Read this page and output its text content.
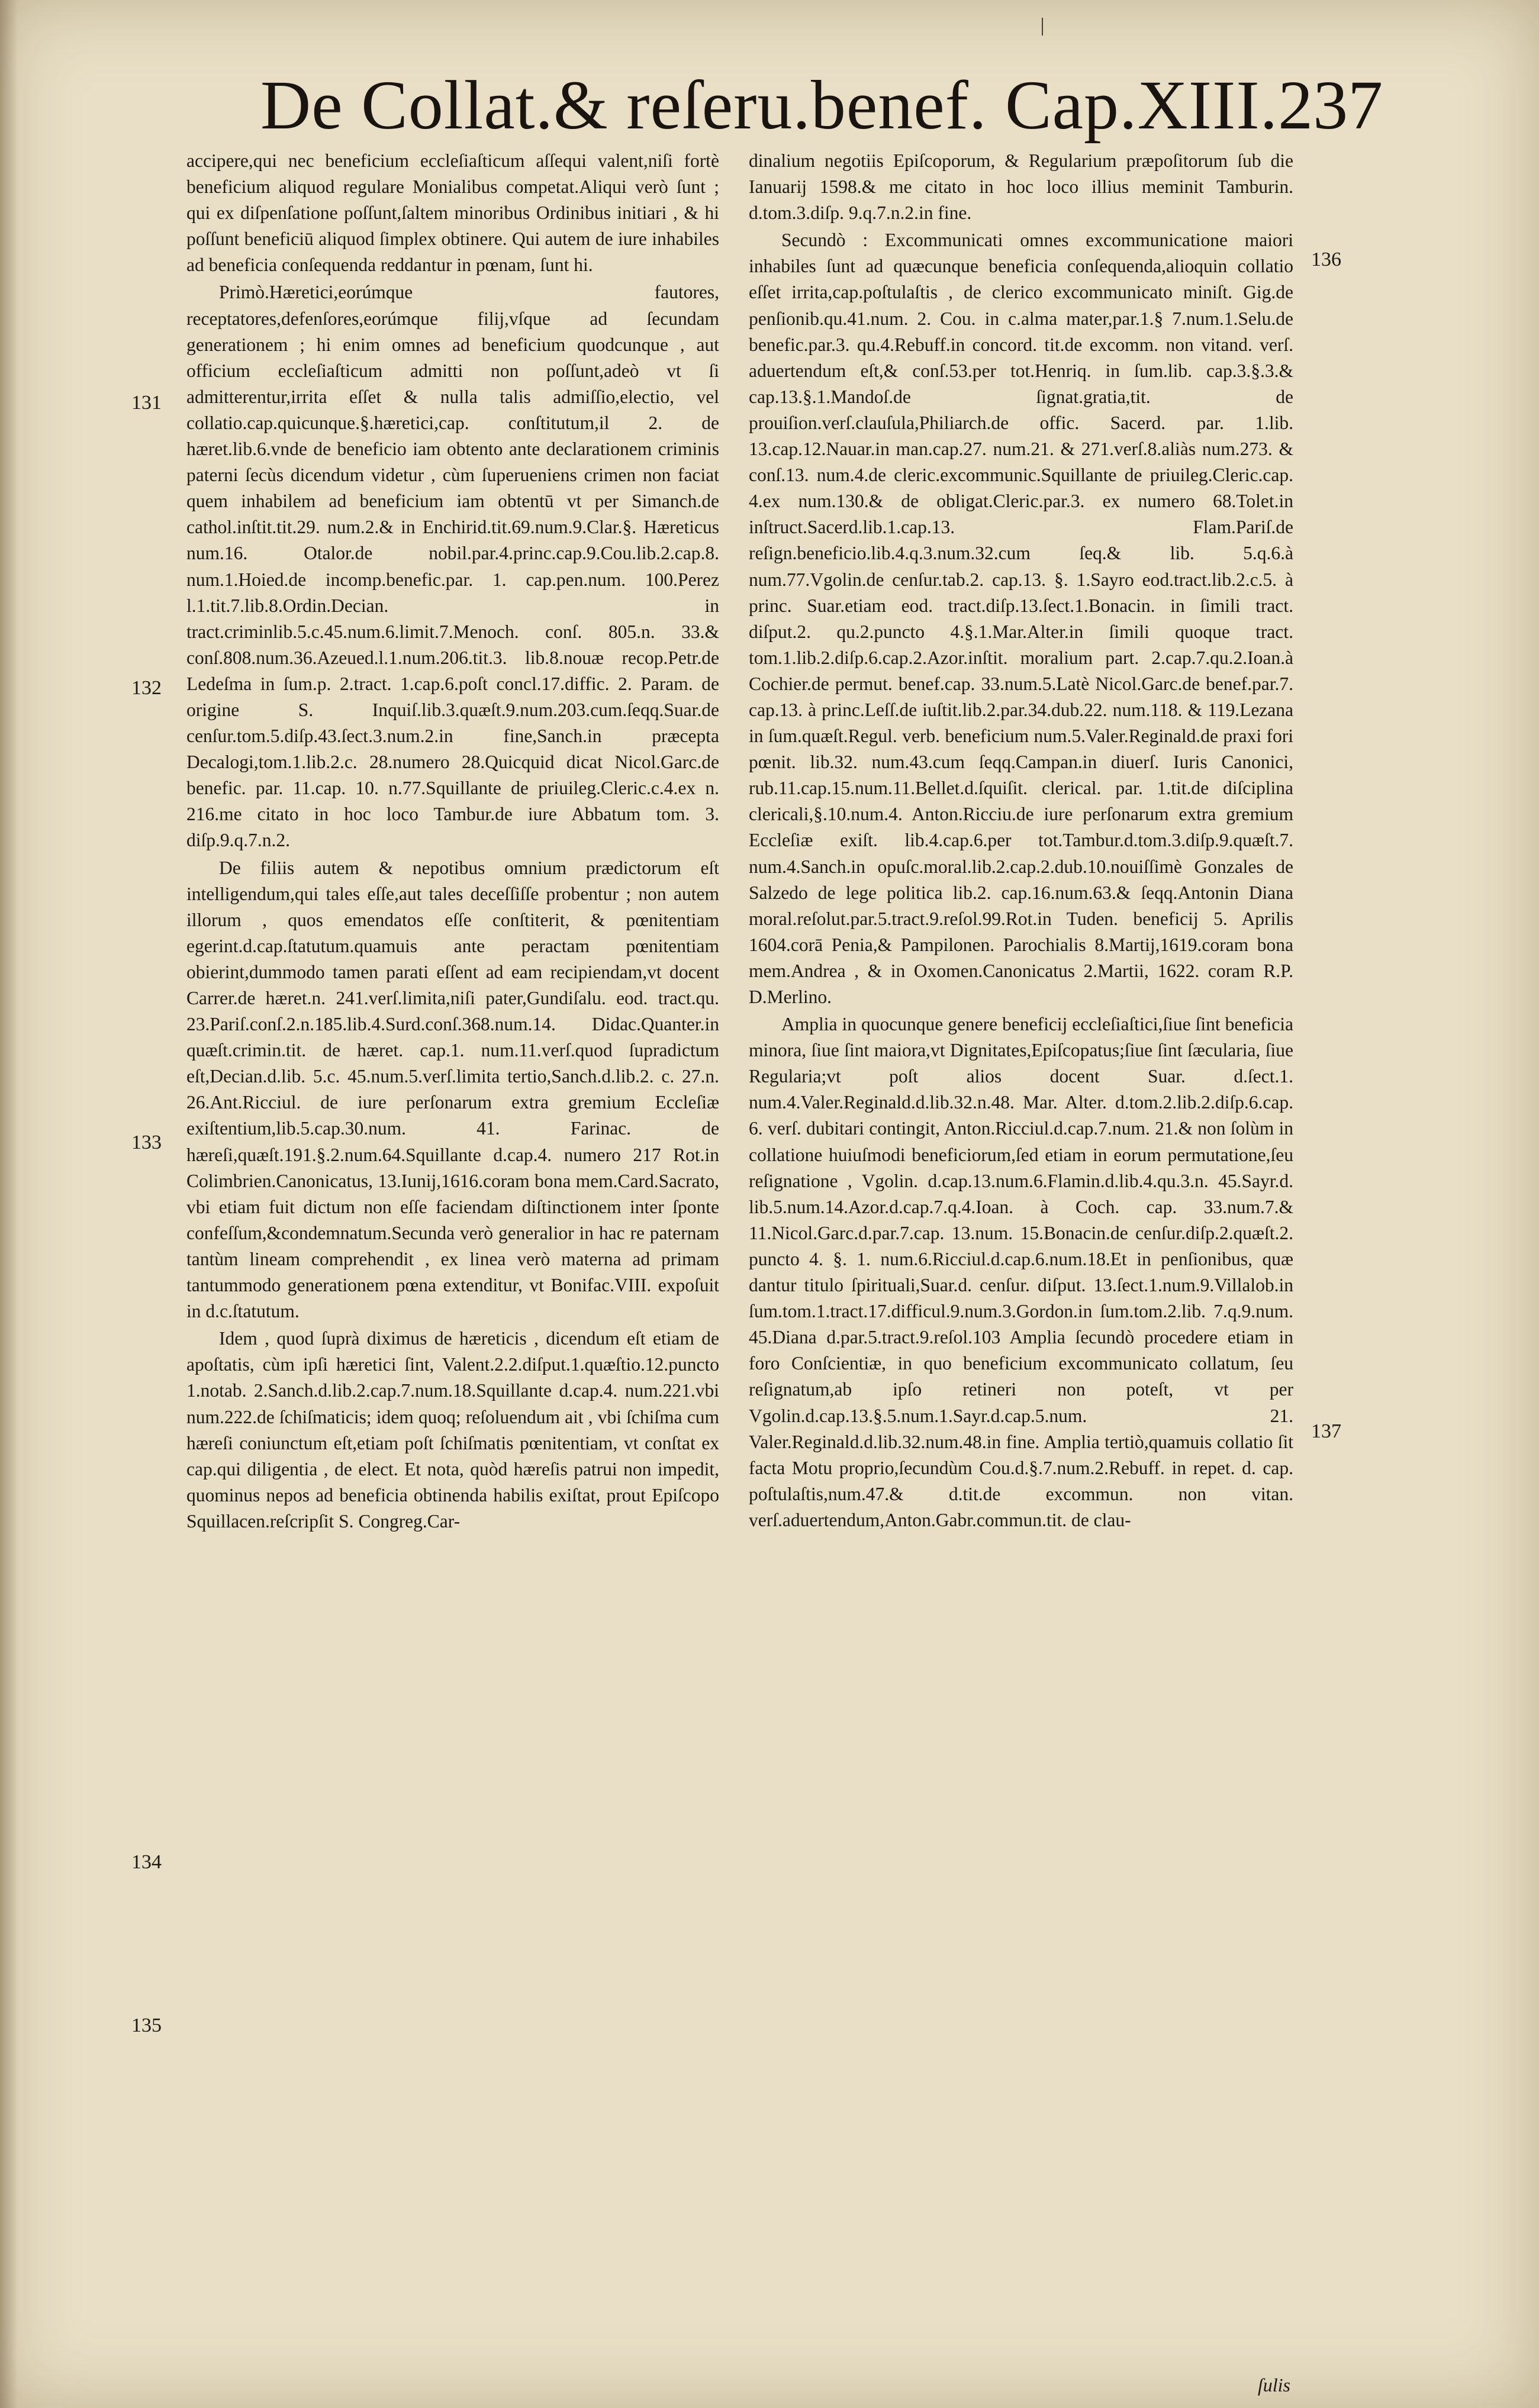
De Collat.& reſeru.benef. Cap.XIII. 237
131
132
133
134
135
136
137

accipere,qui nec beneficium eccleſiaſticum aſſequi valent,niſi fortè beneficium aliquod regulare Monialibus competat.Aliqui verò ſunt ; qui ex diſpenſatione poſſunt,ſaltem minoribus Ordinibus initiari , & hi poſſunt beneficiū aliquod ſimplex obtinere. Qui autem de iure inhabiles ad beneficia conſequenda reddantur in pœnam, ſunt hi.

Primò.Hæretici,eorúmque fautores, receptatores,defenſores,eorúmque filij,vſque ad ſecundam generationem ; hi enim omnes ad beneficium quodcunque , aut officium eccleſiaſticum admitti non poſſunt,adeò vt ſi admitterentur,irrita eſſet & nulla talis admiſſio,electio, vel collatio.cap.quicunque.§.hæretici,cap. conſtitutum,il 2. de hæret.lib.6.vnde de beneficio iam obtento ante declarationem criminis paterni ſecùs dicendum videtur , cùm ſuperueniens crimen non faciat quem inhabilem ad beneficium iam obtentū vt per Simanch.de cathol.inſtit.tit.29. num.2.& in Enchirid.tit.69.num.9.Clar.§. Hæreticus num.16. Otalor.de nobil.par.4.princ.cap.9.Cou.lib.2.cap.8. num.1.Hoied.de incomp.benefic.par. 1. cap.pen.num. 100.Perez l.1.tit.7.lib.8.Ordin.Decian. in tract.criminlib.5.c.45.num.6.limit.7.Menoch. conſ. 805.n. 33.& conſ.808.num.36.Azeued.l.1.num.206.tit.3. lib.8.nouæ recop.Petr.de Ledeſma in ſum.p. 2.tract. 1.cap.6.poſt concl.17.diffic. 2. Param. de origine S. Inquiſ.lib.3.quæſt.9.num.203.cum.ſeqq.Suar.de cenſur.tom.5.diſp.43.ſect.3.num.2.in fine,Sanch.in præcepta Decalogi,tom.1.lib.2.c. 28.numero 28.Quicquid dicat Nicol.Garc.de benefic. par. 11.cap. 10. n.77.Squillante de priuileg.Cleric.c.4.ex n. 216.me citato in hoc loco Tambur.de iure Abbatum tom. 3. diſp.9.q.7.n.2.

De filiis autem & nepotibus omnium prædictorum eſt intelligendum,qui tales eſſe,aut tales deceſſiſſe probentur ; non autem illorum , quos emendatos eſſe conſtiterit, & pœnitentiam egerint.d.cap.ſtatutum.quamuis ante peractam pœnitentiam obierint,dummodo tamen parati eſſent ad eam recipiendam,vt docent Carrer.de hæret.n. 241.verſ.limita,niſi pater,Gundiſalu. eod. tract.qu. 23.Pariſ.conſ.2.n.185.lib.4.Surd.conſ.368.num.14. Didac.Quanter.in quæſt.crimin.tit. de hæret. cap.1. num.11.verſ.quod ſupradictum eſt,Decian.d.lib. 5.c. 45.num.5.verſ.limita tertio,Sanch.d.lib.2. c. 27.n. 26.Ant.Ricciul. de iure perſonarum extra gremium Eccleſiæ exiſtentium,lib.5.cap.30.num. 41. Farinac. de hæreſi,quæſt.191.§.2.num.64.Squillante d.cap.4. numero 217 Rot.in Colimbrien.Canonicatus, 13.Iunij,1616.coram bona mem.Card.Sacrato, vbi etiam fuit dictum non eſſe faciendam diſtinctionem inter ſponte confeſſum,&condemnatum.Secunda verò generalior in hac re paternam tantùm lineam comprehendit , ex linea verò materna ad primam tantummodo generationem pœna extenditur, vt Bonifac.VIII. expoſuit in d.c.ſtatutum.

Idem , quod ſuprà diximus de hæreticis , dicendum eſt etiam de apoſtatis, cùm ipſi hæretici ſint, Valent.2.2.diſput.1.quæſtio.12.puncto 1.notab. 2.Sanch.d.lib.2.cap.7.num.18.Squillante d.cap.4. num.221.vbi num.222.de ſchiſmaticis; idem quoq; reſoluendum ait , vbi ſchiſma cum hæreſi coniunctum eſt,etiam poſt ſchiſmatis pœnitentiam, vt conſtat ex cap.qui diligentia , de elect. Et nota, quòd hæreſis patrui non impedit, quominus nepos ad beneficia obtinenda habilis exiſtat, prout Epiſcopo Squillacen.reſcripſit S. Congreg.Car-

dinalium negotiis Epiſcoporum, & Regularium præpoſitorum ſub die Ianuarij 1598.& me citato in hoc loco illius meminit Tamburin. d.tom.3.diſp. 9.q.7.n.2.in fine.

Secundò : Excommunicati omnes excommunicatione maiori inhabiles ſunt ad quæcunque beneficia conſequenda,alioquin collatio eſſet irrita,cap.poſtulaſtis , de clerico excommunicato miniſt. Gig.de penſionib.qu.41.num. 2. Cou. in c.alma mater,par.1.§ 7.num.1.Selu.de benefic.par.3. qu.4.Rebuff.in concord. tit.de excomm. non vitand. verſ. aduertendum eſt,& conſ.53.per tot.Henriq. in ſum.lib. cap.3.§.3.& cap.13.§.1.Mandoſ.de ſignat.gratia,tit. de prouiſion.verſ.clauſula,Philiarch.de offic. Sacerd. par. 1.lib. 13.cap.12.Nauar.in man.cap.27. num.21. & 271.verſ.8.aliàs num.273. & conſ.13. num.4.de cleric.excommunic.Squillante de priuileg.Cleric.cap. 4.ex num.130.& de obligat.Cleric.par.3. ex numero 68.Tolet.in inſtruct.Sacerd.lib.1.cap.13. Flam.Pariſ.de reſign.beneficio.lib.4.q.3.num.32.cum ſeq.& lib. 5.q.6.à num.77.Vgolin.de cenſur.tab.2. cap.13. §. 1.Sayro eod.tract.lib.2.c.5. à princ. Suar.etiam eod. tract.diſp.13.ſect.1.Bonacin. in ſimili tract. diſput.2. qu.2.puncto 4.§.1.Mar.Alter.in ſimili quoque tract. tom.1.lib.2.diſp.6.cap.2.Azor.inſtit. moralium part. 2.cap.7.qu.2.Ioan.à Cochier.de permut. benef.cap. 33.num.5.Latè Nicol.Garc.de benef.par.7. cap.13. à princ.Leſſ.de iuſtit.lib.2.par.34.dub.22. num.118. & 119.Lezana in ſum.quæſt.Regul. verb. beneficium num.5.Valer.Reginald.de praxi fori pœnit. lib.32. num.43.cum ſeqq.Campan.in diuerſ. Iuris Canonici, rub.11.cap.15.num.11.Bellet.d.ſquiſit. clerical. par. 1.tit.de diſciplina clericali,§.10.num.4. Anton.Ricciu.de iure perſonarum extra gremium Eccleſiæ exiſt. lib.4.cap.6.per tot.Tambur.d.tom.3.diſp.9.quæſt.7. num.4.Sanch.in opuſc.moral.lib.2.cap.2.dub.10.nouiſſimè Gonzales de Salzedo de lege politica lib.2. cap.16.num.63.& ſeqq.Antonin Diana moral.reſolut.par.5.tract.9.reſol.99.Rot.in Tuden. beneficij 5. Aprilis 1604.corā Penia,& Pampilonen. Parochialis 8.Martij,1619.coram bona mem.Andrea , & in Oxomen.Canonicatus 2.Martii, 1622. coram R.P. D.Merlino.

Ampliа in quocunque genere beneficij eccleſiaſtici,ſiue ſint beneficia minora, ſiue ſint maiora,vt Dignitates,Epiſcopatus;ſiue ſint ſæcularia, ſiue Regularia;vt poſt alios docent Suar. d.ſect.1. num.4.Valer.Reginald.d.lib.32.n.48. Mar. Alter. d.tom.2.lib.2.diſp.6.cap. 6. verſ. dubitari contingit, Anton.Ricciul.d.cap.7.num. 21.& non ſolùm in collatione huiuſmodi beneficiorum,ſed etiam in eorum permutatione,ſeu reſignatione , Vgolin. d.cap.13.num.6.Flamin.d.lib.4.qu.3.n. 45.Sayr.d. lib.5.num.14.Azor.d.cap.7.q.4.Ioan. à Coch. cap. 33.num.7.& 11.Nicol.Garc.d.par.7.cap. 13.num. 15.Bonacin.de cenſur.diſp.2.quæſt.2. puncto 4. §. 1. num.6.Ricciul.d.cap.6.num.18.Et in penſionibus, quæ dantur titulo ſpirituali,Suar.d. cenſur. diſput. 13.ſect.1.num.9.Villalob.in ſum.tom.1.tract.17.difficul.9.num.3.Gordon.in ſum.tom.2.lib. 7.q.9.num. 45.Diana d.par.5.tract.9.reſol.103 Amplia ſecundò procedere etiam in foro Conſcientiæ, in quo beneficium excommunicato collatum, ſeu reſignatum,ab ipſo retineri non poteſt, vt per Vgolin.d.cap.13.§.5.num.1.Sayr.d.cap.5.num. 21. Valer.Reginald.d.lib.32.num.48.in fine. Amplia tertiò,quamuis collatio ſit facta Motu proprio,ſecundùm Cou.d.§.7.num.2.Rebuff. in repet. d. cap. poſtulaſtis,num.47.& d.tit.de excommun. non vitan. verſ.aduertendum,Anton.Gabr.commun.tit. de clau-

ſulis
